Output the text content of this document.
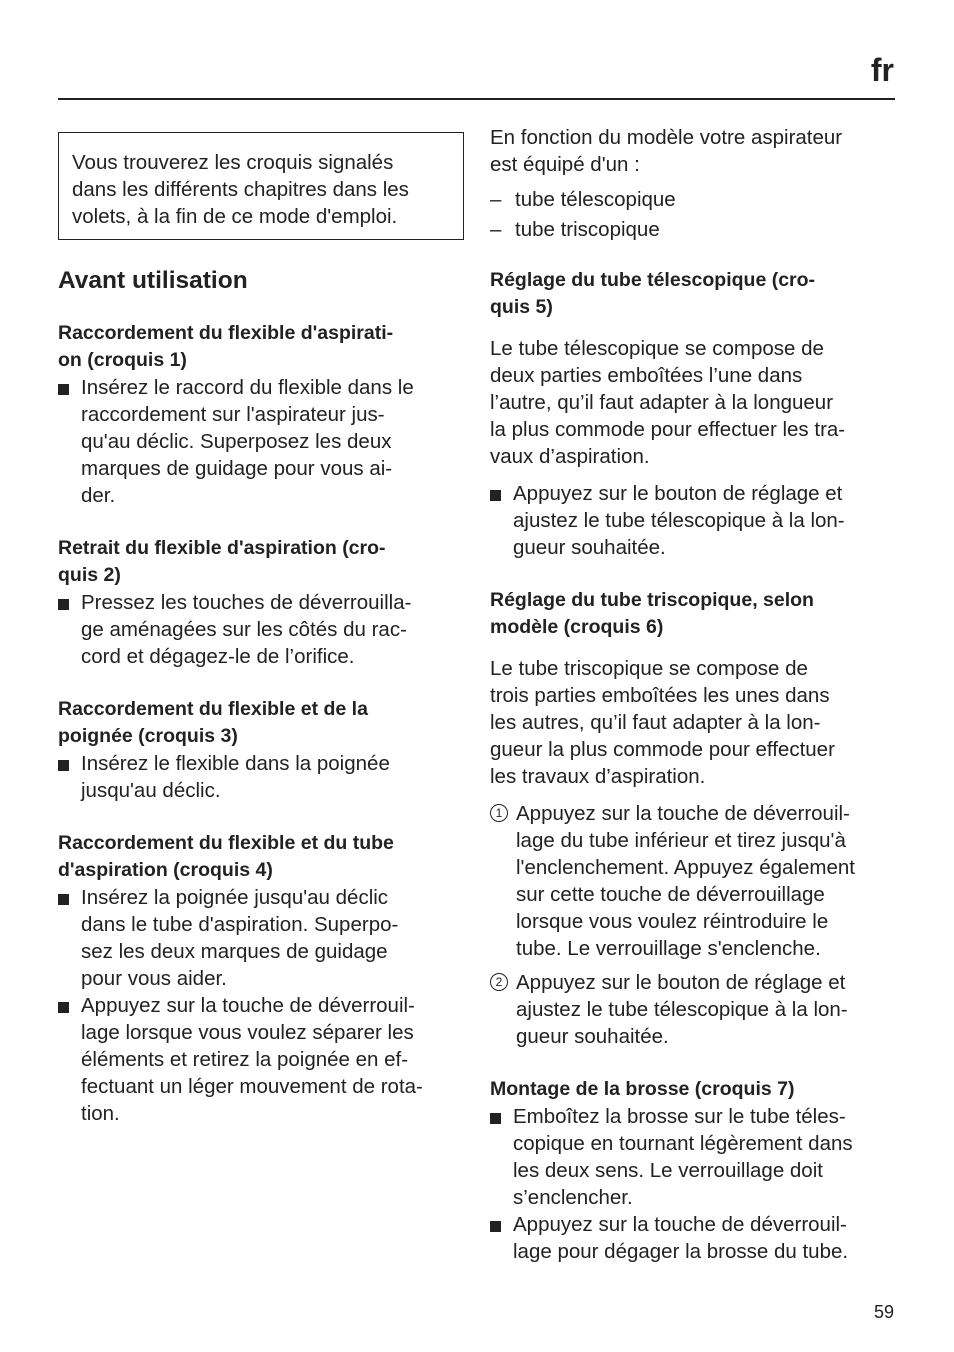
fr
Vous trouverez les croquis signalés
dans les différents chapitres dans les
volets, à la fin de ce mode d'emploi.
Avant utilisation
Raccordement du flexible d'aspirati-
on (croquis 1)
Insérez le raccord du flexible dans le
raccordement sur l'aspirateur jus-
qu'au déclic. Superposez les deux
marques de guidage pour vous ai-
der.
Retrait du flexible d'aspiration (cro-
quis 2)
Pressez les touches de déverrouilla-
ge aménagées sur les côtés du rac-
cord et dégagez-le de l’orifice.
Raccordement du flexible et de la
poignée (croquis 3)
Insérez le flexible dans la poignée
jusqu'au déclic.
Raccordement du flexible et du tube
d'aspiration (croquis 4)
Insérez la poignée jusqu'au déclic
dans le tube d'aspiration. Superpo-
sez les deux marques de guidage
pour vous aider.
Appuyez sur la touche de déverrouil-
lage lorsque vous voulez séparer les
éléments et retirez la poignée en ef-
fectuant un léger mouvement de rota-
tion.

En fonction du modèle votre aspirateur
est équipé d'un :

– tube télescopique
– tube triscopique
Réglage du tube télescopique (cro-
quis 5)

Le tube télescopique se compose de
deux parties emboîtées l’une dans
l’autre, qu’il faut adapter à la longueur
la plus commode pour effectuer les tra-
vaux d’aspiration.

Appuyez sur le bouton de réglage et
ajustez le tube télescopique à la lon-
gueur souhaitée.
Réglage du tube triscopique, selon
modèle (croquis 6)

Le tube triscopique se compose de
trois parties emboîtées les unes dans
les autres, qu’il faut adapter à la lon-
gueur la plus commode pour effectuer
les travaux d’aspiration.

1 Appuyez sur la touche de déverrouil-
lage du tube inférieur et tirez jusqu'à
l'enclenchement. Appuyez également
sur cette touche de déverrouillage
lorsque vous voulez réintroduire le
tube. Le verrouillage s'enclenche.
2 Appuyez sur le bouton de réglage et
ajustez le tube télescopique à la lon-
gueur souhaitée.
Montage de la brosse (croquis 7)
Emboîtez la brosse sur le tube téles-
copique en tournant légèrement dans
les deux sens. Le verrouillage doit
s’enclencher.
Appuyez sur la touche de déverrouil-
lage pour dégager la brosse du tube.
59
